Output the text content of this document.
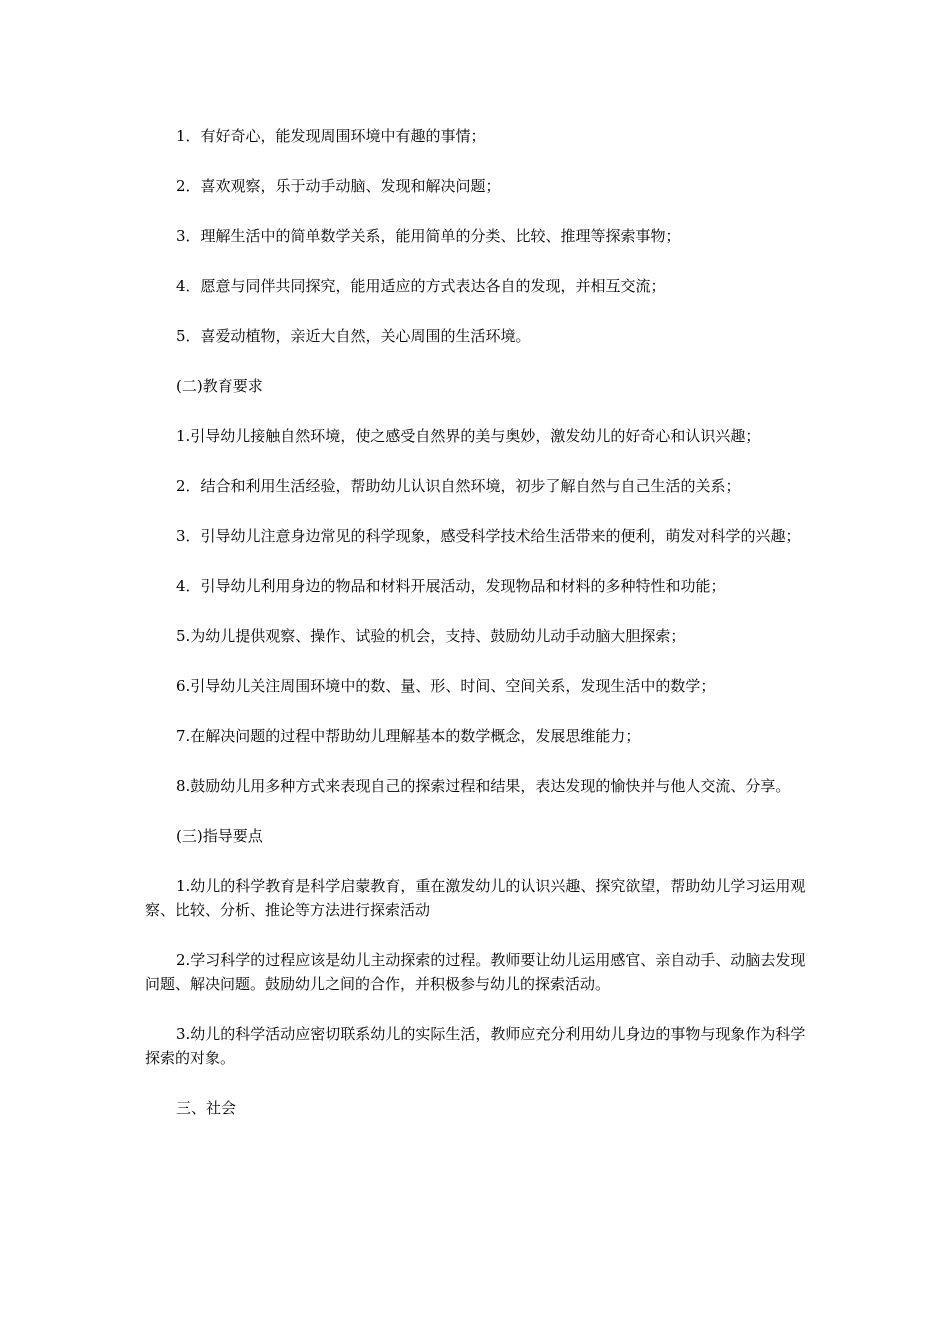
1．有好奇心，能发现周围环境中有趣的事情；

2．喜欢观察，乐于动手动脑、发现和解决问题；

3．理解生活中的简单数学关系，能用简单的分类、比较、推理等探索事物；

4．愿意与同伴共同探究，能用适应的方式表达各自的发现，并相互交流；

5．喜爱动植物，亲近大自然，关心周围的生活环境。

(二)教育要求

1.引导幼儿接触自然环境，使之感受自然界的美与奥妙，激发幼儿的好奇心和认识兴趣；

2．结合和利用生活经验，帮助幼儿认识自然环境，初步了解自然与自己生活的关系；

3．引导幼儿注意身边常见的科学现象，感受科学技术给生活带来的便利，萌发对科学的兴趣；

4．引导幼儿利用身边的物品和材料开展活动，发现物品和材料的多种特性和功能；

5.为幼儿提供观察、操作、试验的机会，支持、鼓励幼儿动手动脑大胆探索；

6.引导幼儿关注周围环境中的数、量、形、时间、空间关系，发现生活中的数学；

7.在解决问题的过程中帮助幼儿理解基本的数学概念，发展思维能力；

8.鼓励幼儿用多种方式来表现自己的探索过程和结果，表达发现的愉快并与他人交流、分享。

(三)指导要点

1.幼儿的科学教育是科学启蒙教育，重在激发幼儿的认识兴趣、探究欲望，帮助幼儿学习运用观察、比较、分析、推论等方法进行探索活动

2.学习科学的过程应该是幼儿主动探索的过程。教师要让幼儿运用感官、亲自动手、动脑去发现问题、解决问题。鼓励幼儿之间的合作，并积极参与幼儿的探索活动。

3.幼儿的科学活动应密切联系幼儿的实际生活，教师应充分利用幼儿身边的事物与现象作为科学探索的对象。

三、社会
